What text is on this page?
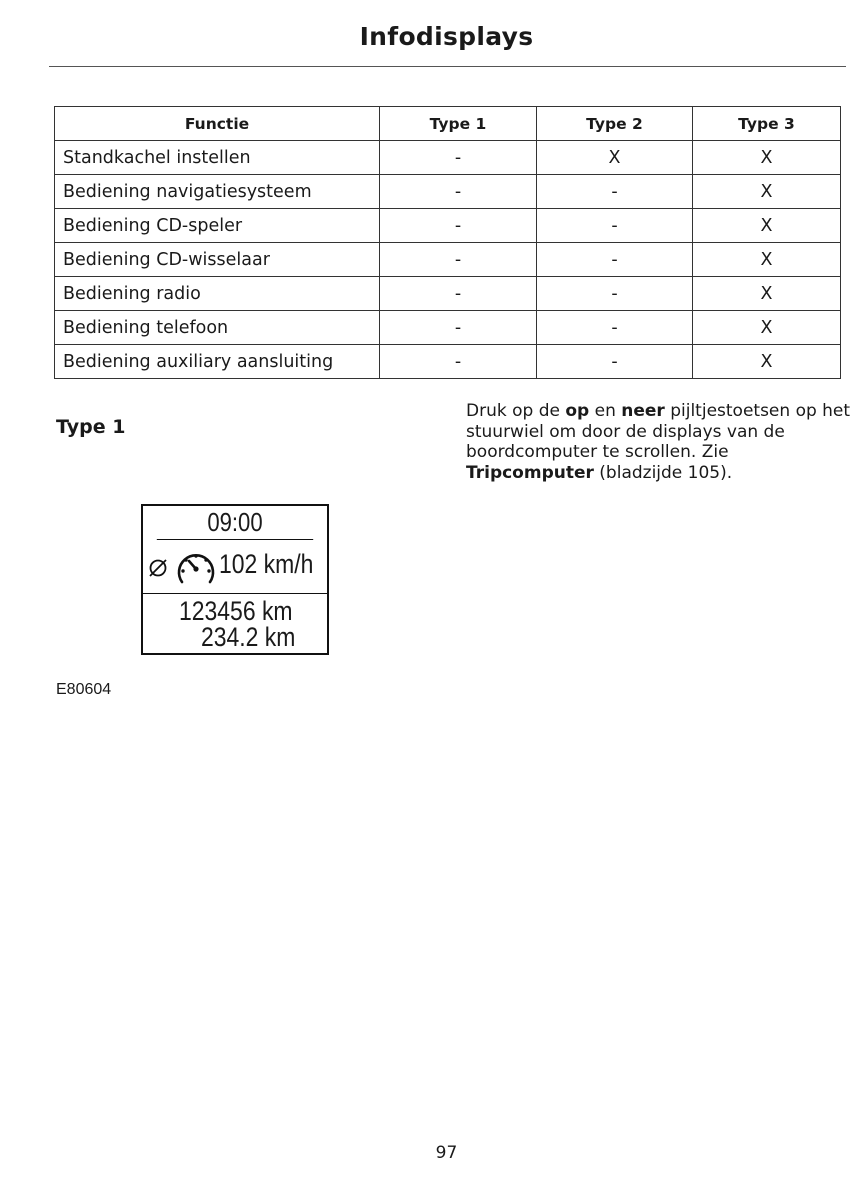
Infodisplays
Functie	Type 1	Type 2	Type 3
Standkachel instellen	-	X	X
Bediening navigatiesysteem	-	-	X
Bediening CD-speler	-	-	X
Bediening CD-wisselaar	-	-	X
Bediening radio	-	-	X
Bediening telefoon	-	-	X
Bediening auxiliary aansluiting	-	-	X
Type 1
Druk op de op en neer pijltjestoetsen op het stuurwiel om door de displays van de boordcomputer te scrollen. Zie Tripcomputer (bladzijde 105).
09:00
102 km/h
123456 km
234.2 km
E80604
97
